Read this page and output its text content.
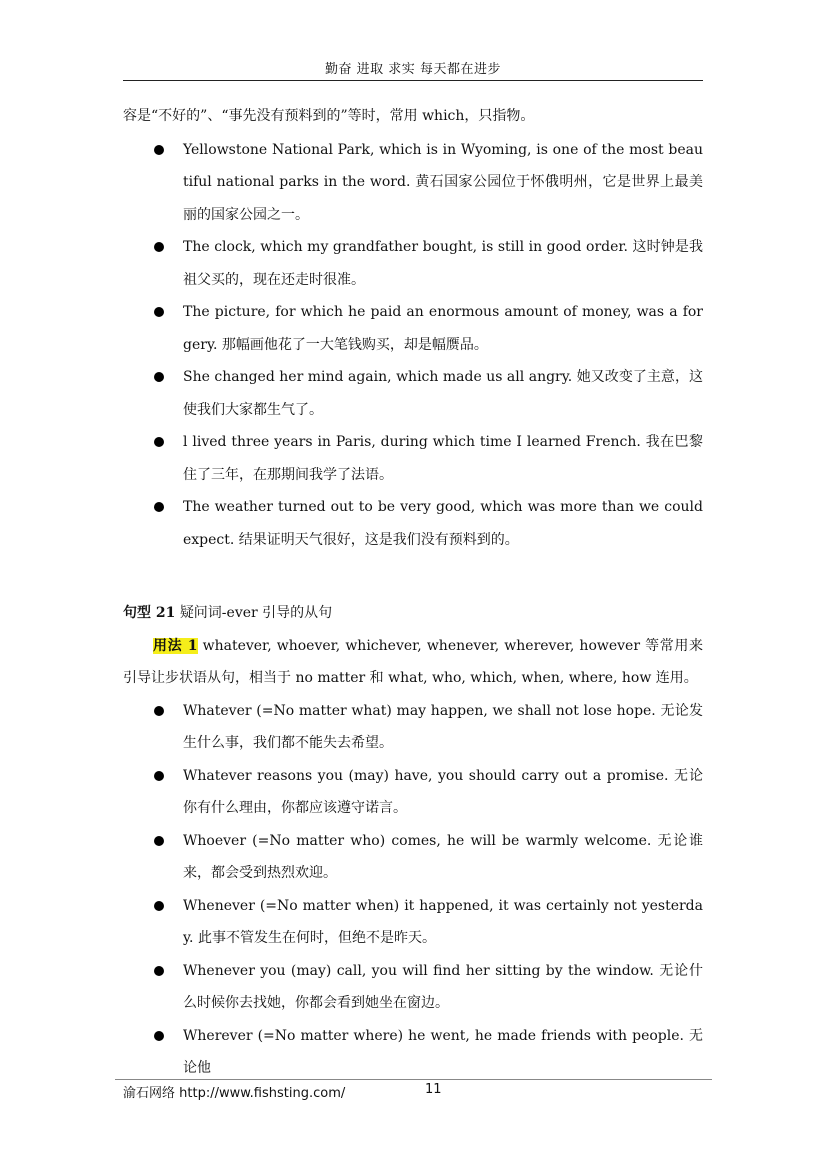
勤奋 进取 求实 每天都在进步
容是“不好的”、“事先没有预料到的”等时，常用 which，只指物。
Yellowstone National Park, which is in Wyoming, is one of the most beautiful national parks in the word. 黄石国家公园位于怀俄明州，它是世界上最美丽的国家公园之一。
The clock, which my grandfather bought, is still in good order. 这时钟是我祖父买的，现在还走时很准。
The picture, for which he paid an enormous amount of money, was a forgery. 那幅画他花了一大笔钱购买，却是幅赝品。
She changed her mind again, which made us all angry. 她又改变了主意，这使我们大家都生气了。
l lived three years in Paris, during which time I learned French. 我在巴黎住了三年，在那期间我学了法语。
The weather turned out to be very good, which was more than we could expect. 结果证明天气很好，这是我们没有预料到的。
句型 21 疑问词-ever 引导的从句
用法 1 whatever, whoever, whichever, whenever, wherever, however 等常用来引导让步状语从句，相当于 no matter 和 what, who, which, when, where, how 连用。
Whatever (=No matter what) may happen, we shall not lose hope. 无论发生什么事，我们都不能失去希望。
Whatever reasons you (may) have, you should carry out a promise. 无论你有什么理由，你都应该遵守诺言。
Whoever (=No matter who) comes, he will be warmly welcome. 无论谁来，都会受到热烈欢迎。
Whenever (=No matter when) it happened, it was certainly not yesterday. 此事不管发生在何时，但绝不是昨天。
Whenever you (may) call, you will find her sitting by the window. 无论什么时候你去找她，你都会看到她坐在窗边。
Wherever (=No matter where) he went, he made friends with people. 无论他
渝石网络 http://www.fishsting.com/	11
